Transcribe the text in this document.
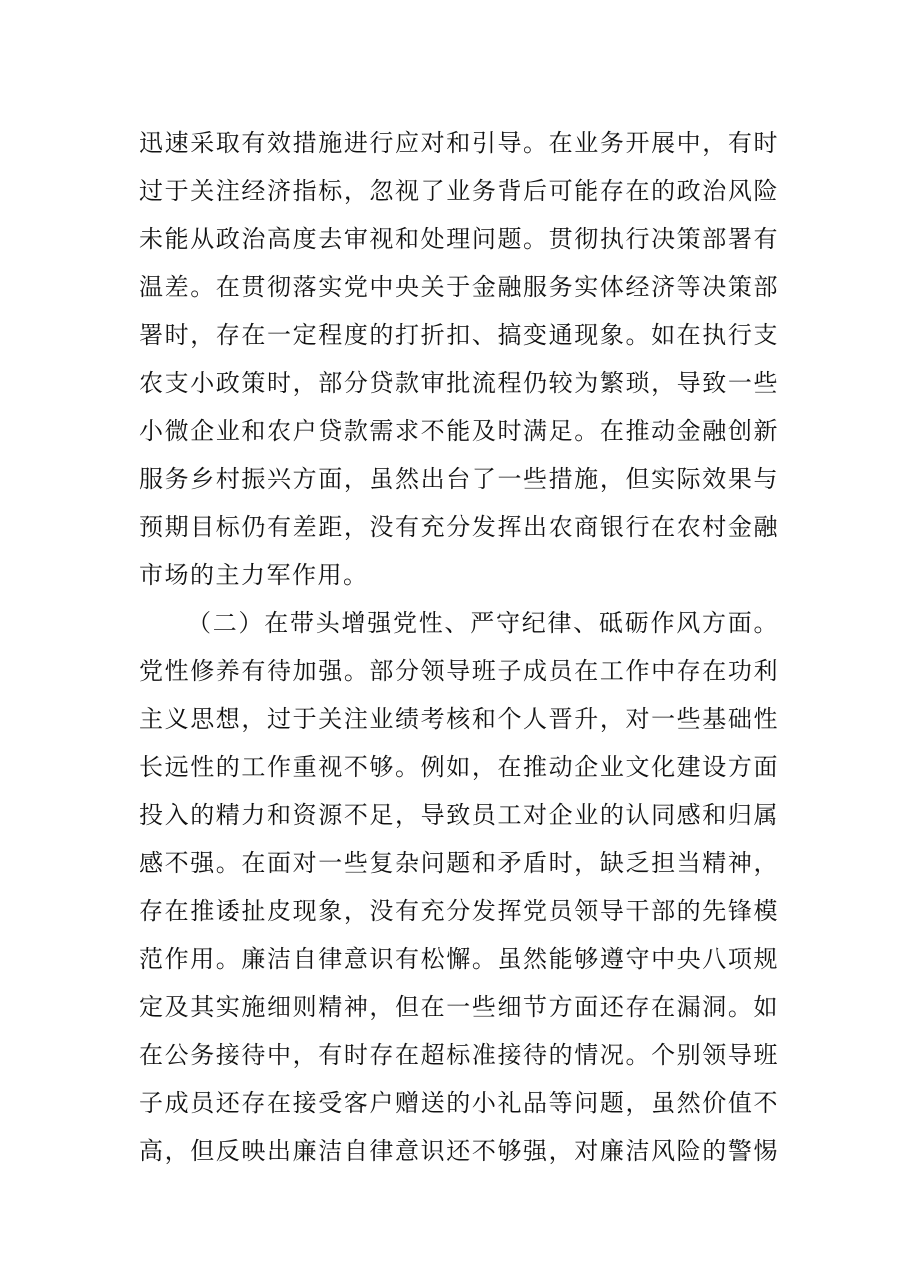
迅速采取有效措施进行应对和引导。在业务开展中，有时
过于关注经济指标，忽视了业务背后可能存在的政治风险
未能从政治高度去审视和处理问题。贯彻执行决策部署有
温差。在贯彻落实党中央关于金融服务实体经济等决策部
署时，存在一定程度的打折扣、搞变通现象。如在执行支
农支小政策时，部分贷款审批流程仍较为繁琐，导致一些
小微企业和农户贷款需求不能及时满足。在推动金融创新
服务乡村振兴方面，虽然出台了一些措施，但实际效果与
预期目标仍有差距，没有充分发挥出农商银行在农村金融
市场的主力军作用。
（二）在带头增强党性、严守纪律、砥砺作风方面。
党性修养有待加强。部分领导班子成员在工作中存在功利
主义思想，过于关注业绩考核和个人晋升，对一些基础性
长远性的工作重视不够。例如，在推动企业文化建设方面
投入的精力和资源不足，导致员工对企业的认同感和归属
感不强。在面对一些复杂问题和矛盾时，缺乏担当精神，
存在推诿扯皮现象，没有充分发挥党员领导干部的先锋模
范作用。廉洁自律意识有松懈。虽然能够遵守中央八项规
定及其实施细则精神，但在一些细节方面还存在漏洞。如
在公务接待中，有时存在超标准接待的情况。个别领导班
子成员还存在接受客户赠送的小礼品等问题，虽然价值不
高，但反映出廉洁自律意识还不够强，对廉洁风险的警惕
